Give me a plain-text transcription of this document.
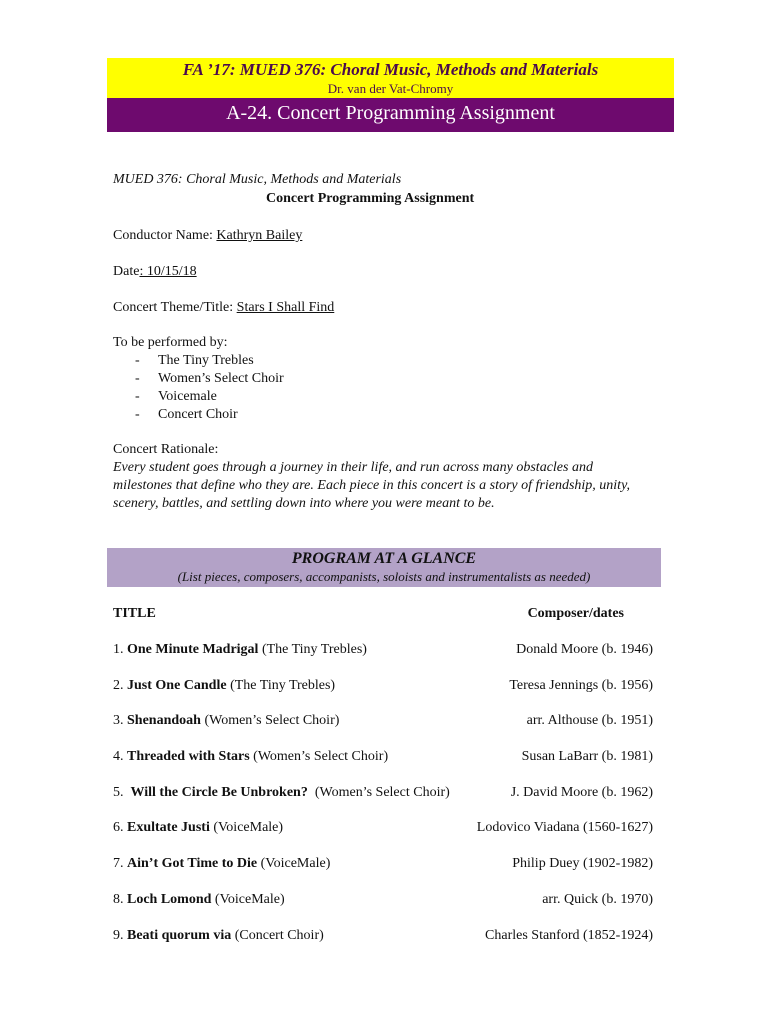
FA ’17: MUED 376: Choral Music, Methods and Materials
Dr. van der Vat-Chromy
A-24. Concert Programming Assignment
MUED 376: Choral Music, Methods and Materials
Concert Programming Assignment
Conductor Name: Kathryn Bailey
Date: 10/15/18
Concert Theme/Title: Stars I Shall Find
To be performed by:
-	The Tiny Trebles
-	Women’s Select Choir
-	Voicemale
-	Concert Choir
Concert Rationale:
Every student goes through a journey in their life, and run across many obstacles and milestones that define who they are. Each piece in this concert is a story of friendship, unity, scenery, battles, and settling down into where you were meant to be.
PROGRAM AT A GLANCE
(List pieces, composers, accompanists, soloists and instrumentalists as needed)
TITLE	Composer/dates
1. One Minute Madrigal (The Tiny Trebles)	Donald Moore (b. 1946)
2. Just One Candle (The Tiny Trebles)	Teresa Jennings (b. 1956)
3. Shenandoah (Women’s Select Choir)	arr. Althouse (b. 1951)
4. Threaded with Stars (Women’s Select Choir)	Susan LaBarr (b. 1981)
5.  Will the Circle Be Unbroken?  (Women’s Select Choir)	J. David Moore (b. 1962)
6. Exultate Justi (VoiceMale)	Lodovico Viadana (1560-1627)
7. Ain’t Got Time to Die (VoiceMale)	Philip Duey (1902-1982)
8. Loch Lomond (VoiceMale)	arr. Quick (b. 1970)
9. Beati quorum via (Concert Choir)	Charles Stanford (1852-1924)
